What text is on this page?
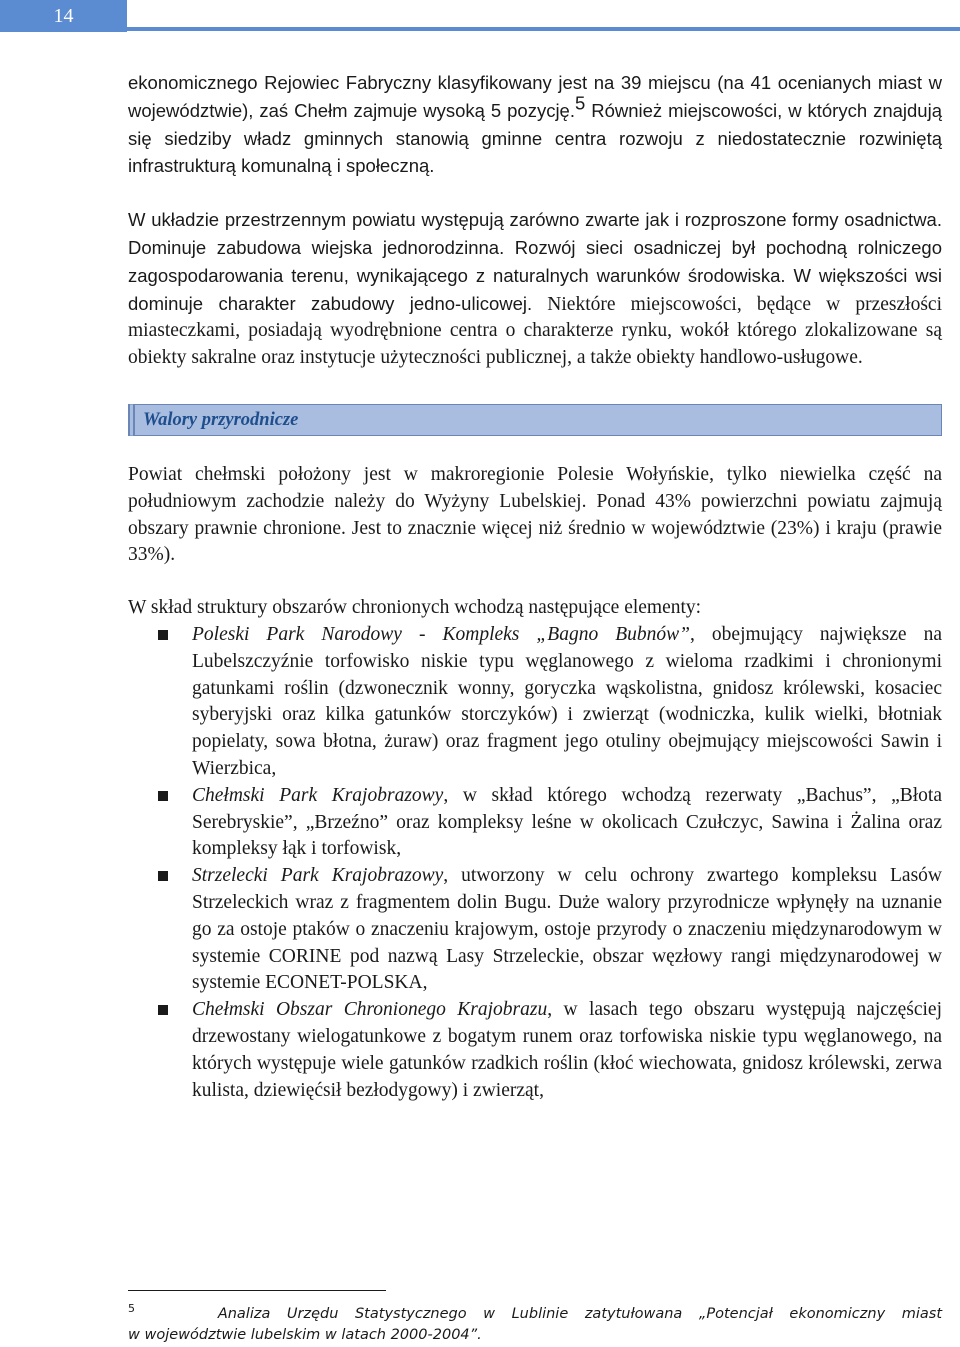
14

ekonomicznego Rejowiec Fabryczny klasyfikowany jest na 39 miejscu (na 41 ocenianych miast w województwie), zaś Chełm zajmuje wysoką 5 pozycję.$^5$ Również miejscowości, w których znajdują się siedziby władz gminnych stanowią gminne centra rozwoju z niedostatecznie rozwiniętą infrastrukturą komunalną i społeczną.

W układzie przestrzennym powiatu występują zarówno zwarte jak i rozproszone formy osadnictwa. Dominuje zabudowa wiejska jednorodzinna. Rozwój sieci osadniczej był pochodną rolniczego zagospodarowania terenu, wynikającego z naturalnych warunków środowiska. W większości wsi dominuje charakter zabudowy jedno-ulicowej. Niektóre miejscowości, będące w przeszłości miasteczkami, posiadają wyodrębnione centra o charakterze rynku, wokół którego zlokalizowane są obiekty sakralne oraz instytucje użyteczności publicznej, a także obiekty handlowo-usługowe.

Walory przyrodnicze

Powiat chełmski położony jest w makroregionie Polesie Wołyńskie, tylko niewielka część na południowym zachodzie należy do Wyżyny Lubelskiej. Ponad 43% powierzchni powiatu zajmują obszary prawnie chronione. Jest to znacznie więcej niż średnio w województwie (23%) i kraju (prawie 33%).

W skład struktury obszarów chronionych wchodzą następujące elementy:

Poleski Park Narodowy - Kompleks „Bagno Bubnów”, obejmujący największe na Lubelszczyźnie torfowisko niskie typu węglanowego z wieloma rzadkimi i chronionymi gatunkami roślin (dzwonecznik wonny, goryczka wąskolistna, gnidosz królewski, kosaciec syberyjski oraz kilka gatunków storczyków) i zwierząt (wodniczka, kulik wielki, błotniak popielaty, sowa błotna, żuraw) oraz fragment jego otuliny obejmujący miejscowości Sawin i Wierzbica,
Chełmski Park Krajobrazowy, w skład którego wchodzą rezerwaty „Bachus”, „Błota Serebryskie”, „Brzeźno” oraz kompleksy leśne w okolicach Czułczyc, Sawina i Żalina oraz kompleksy łąk i torfowisk,
Strzelecki Park Krajobrazowy, utworzony w celu ochrony zwartego kompleksu Lasów Strzeleckich wraz z fragmentem dolin Bugu. Duże walory przyrodnicze wpłynęły na uznanie go za ostoje ptaków o znaczeniu krajowym, ostoje przyrody o znaczeniu międzynarodowym w systemie CORINE pod nazwą Lasy Strzeleckie, obszar węzłowy rangi międzynarodowej w systemie ECONET-POLSKA,
Chełmski Obszar Chronionego Krajobrazu, w lasach tego obszaru występują najczęściej drzewostany wielogatunkowe z bogatym runem oraz torfowiska niskie typu węglanowego, na których występuje wiele gatunków rzadkich roślin (kłoć wiechowata, gnidosz królewski, zerwa kulista, dziewięćsił bezłodygowy) i zwierząt,
$^5$	Analiza Urzędu Statystycznego w Lublinie zatytułowana „Potencjał ekonomiczny miast
w województwie lubelskim w latach 2000-2004”.
